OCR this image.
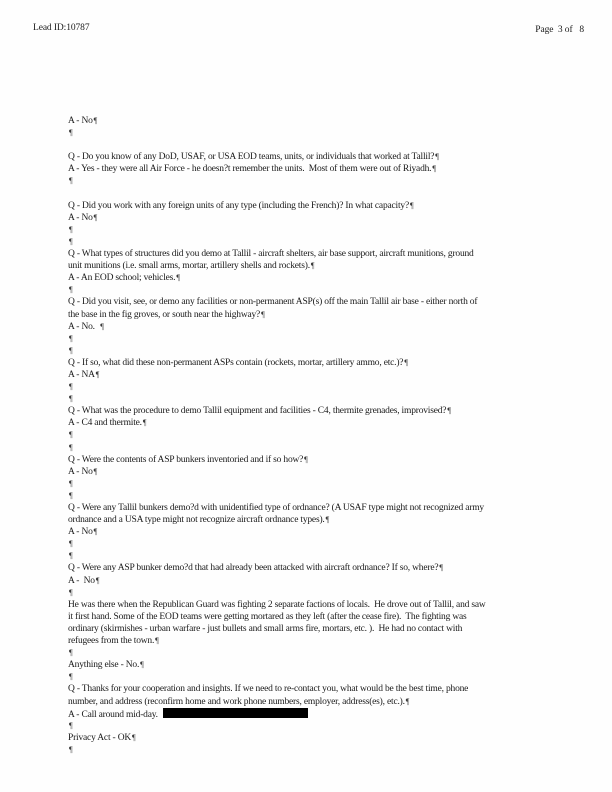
Lead ID:10787	Page  3 of   8

A - No¶

¶

Q - Do you know of any DoD, USAF, or USA EOD teams, units, or individuals that worked at Tallil?¶

A - Yes - they were all Air Force - he doesn?t remember the units.  Most of them were out of Riyadh.¶

¶

Q - Did you work with any foreign units of any type (including the French)? In what capacity?¶

A - No¶

¶

¶

Q - What types of structures did you demo at Tallil - aircraft shelters, air base support, aircraft munitions, ground

unit munitions (i.e. small arms, mortar, artillery shells and rockets).¶

A - An EOD school; vehicles.¶

¶

Q - Did you visit, see, or demo any facilities or non-permanent ASP(s) off the main Tallil air base - either north of

the base in the fig groves, or south near the highway?¶

A - No.  ¶

¶

¶

Q - If so, what did these non-permanent ASPs contain (rockets, mortar, artillery ammo, etc.)?¶

A - NA¶

¶

¶

Q - What was the procedure to demo Tallil equipment and facilities - C4, thermite grenades, improvised?¶

A - C4 and thermite.¶

¶

¶

Q - Were the contents of ASP bunkers inventoried and if so how?¶

A - No¶

¶

¶

Q - Were any Tallil bunkers demo?d with unidentified type of ordnance? (A USAF type might not recognized army

ordnance and a USA type might not recognize aircraft ordnance types).¶

A - No¶

¶

¶

Q - Were any ASP bunker demo?d that had already been attacked with aircraft ordnance? If so, where?¶

A -  No¶

¶

He was there when the Republican Guard was fighting 2 separate factions of locals.  He drove out of Tallil, and saw

it first hand. Some of the EOD teams were getting mortared as they left (after the cease fire).  The fighting was

ordinary (skirmishes - urban warfare - just bullets and small arms fire, mortars, etc. ).  He had no contact with

refugees from the town.¶

¶

Anything else - No.¶

¶

Q - Thanks for your cooperation and insights. If we need to re-contact you, what would be the best time, phone

number, and address (reconfirm home and work phone numbers, employer, address(es), etc.).¶

A - Call around mid-day.

¶

Privacy Act - OK¶

¶
